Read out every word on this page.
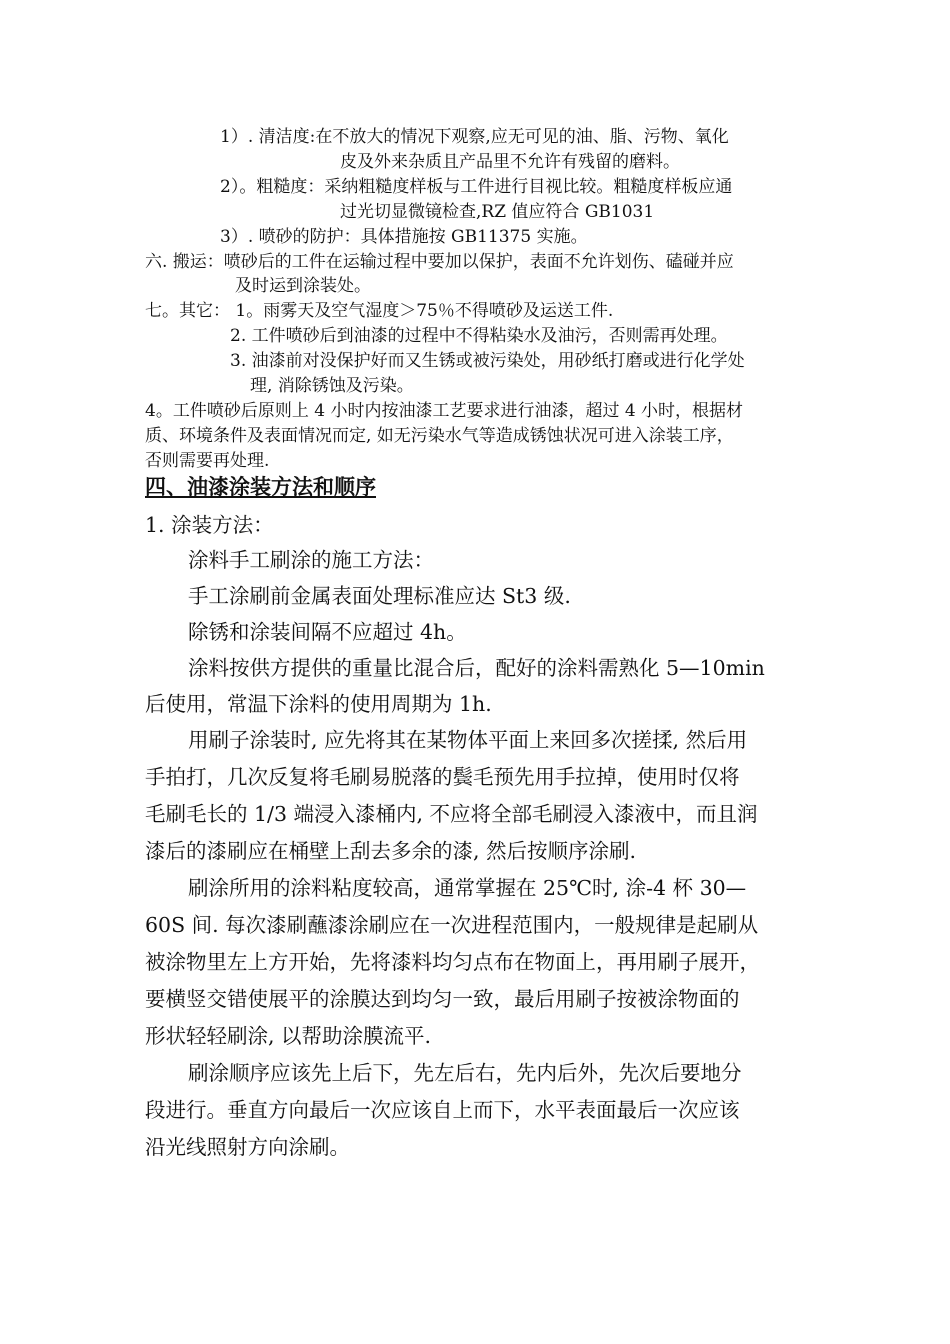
1）. 清洁度:在不放大的情况下观察,应无可见的油、脂、污物、氧化
皮及外来杂质且产品里不允许有残留的磨料。
2）。粗糙度：采纳粗糙度样板与工件进行目视比较。粗糙度样板应通
过光切显微镜检查,RZ 值应符合 GB1031
3）. 喷砂的防护：具体措施按 GB11375 实施。
六. 搬运：喷砂后的工件在运输过程中要加以保护，表面不允许划伤、磕碰并应
及时运到涂装处。
七。其它： 1。雨雾天及空气湿度＞75％不得喷砂及运送工件.
2. 工件喷砂后到油漆的过程中不得粘染水及油污，否则需再处理。
3. 油漆前对没保护好而又生锈或被污染处，用砂纸打磨或进行化学处
理, 消除锈蚀及污染。
4。工件喷砂后原则上 4 小时内按油漆工艺要求进行油漆，超过 4 小时，根据材
质、环境条件及表面情况而定, 如无污染水气等造成锈蚀状况可进入涂装工序，
否则需要再处理.
四、油漆涂装方法和顺序
1. 涂装方法：
涂料手工刷涂的施工方法：
手工涂刷前金属表面处理标准应达 St3 级.
除锈和涂装间隔不应超过 4h。
涂料按供方提供的重量比混合后，配好的涂料需熟化 5—10min
后使用，常温下涂料的使用周期为 1h.
用刷子涂装时, 应先将其在某物体平面上来回多次搓揉, 然后用
手拍打，几次反复将毛刷易脱落的鬓毛预先用手拉掉，使用时仅将
毛刷毛长的 1/3 端浸入漆桶内, 不应将全部毛刷浸入漆液中，而且润
漆后的漆刷应在桶壁上刮去多余的漆, 然后按顺序涂刷.
刷涂所用的涂料粘度较高，通常掌握在 25℃时, 涂-4 杯 30—
60S 间. 每次漆刷蘸漆涂刷应在一次进程范围内，一般规律是起刷从
被涂物里左上方开始，先将漆料均匀点布在物面上，再用刷子展开，
要横竖交错使展平的涂膜达到均匀一致，最后用刷子按被涂物面的
形状轻轻刷涂, 以帮助涂膜流平.
刷涂顺序应该先上后下，先左后右，先内后外，先次后要地分
段进行。垂直方向最后一次应该自上而下，水平表面最后一次应该
沿光线照射方向涂刷。
